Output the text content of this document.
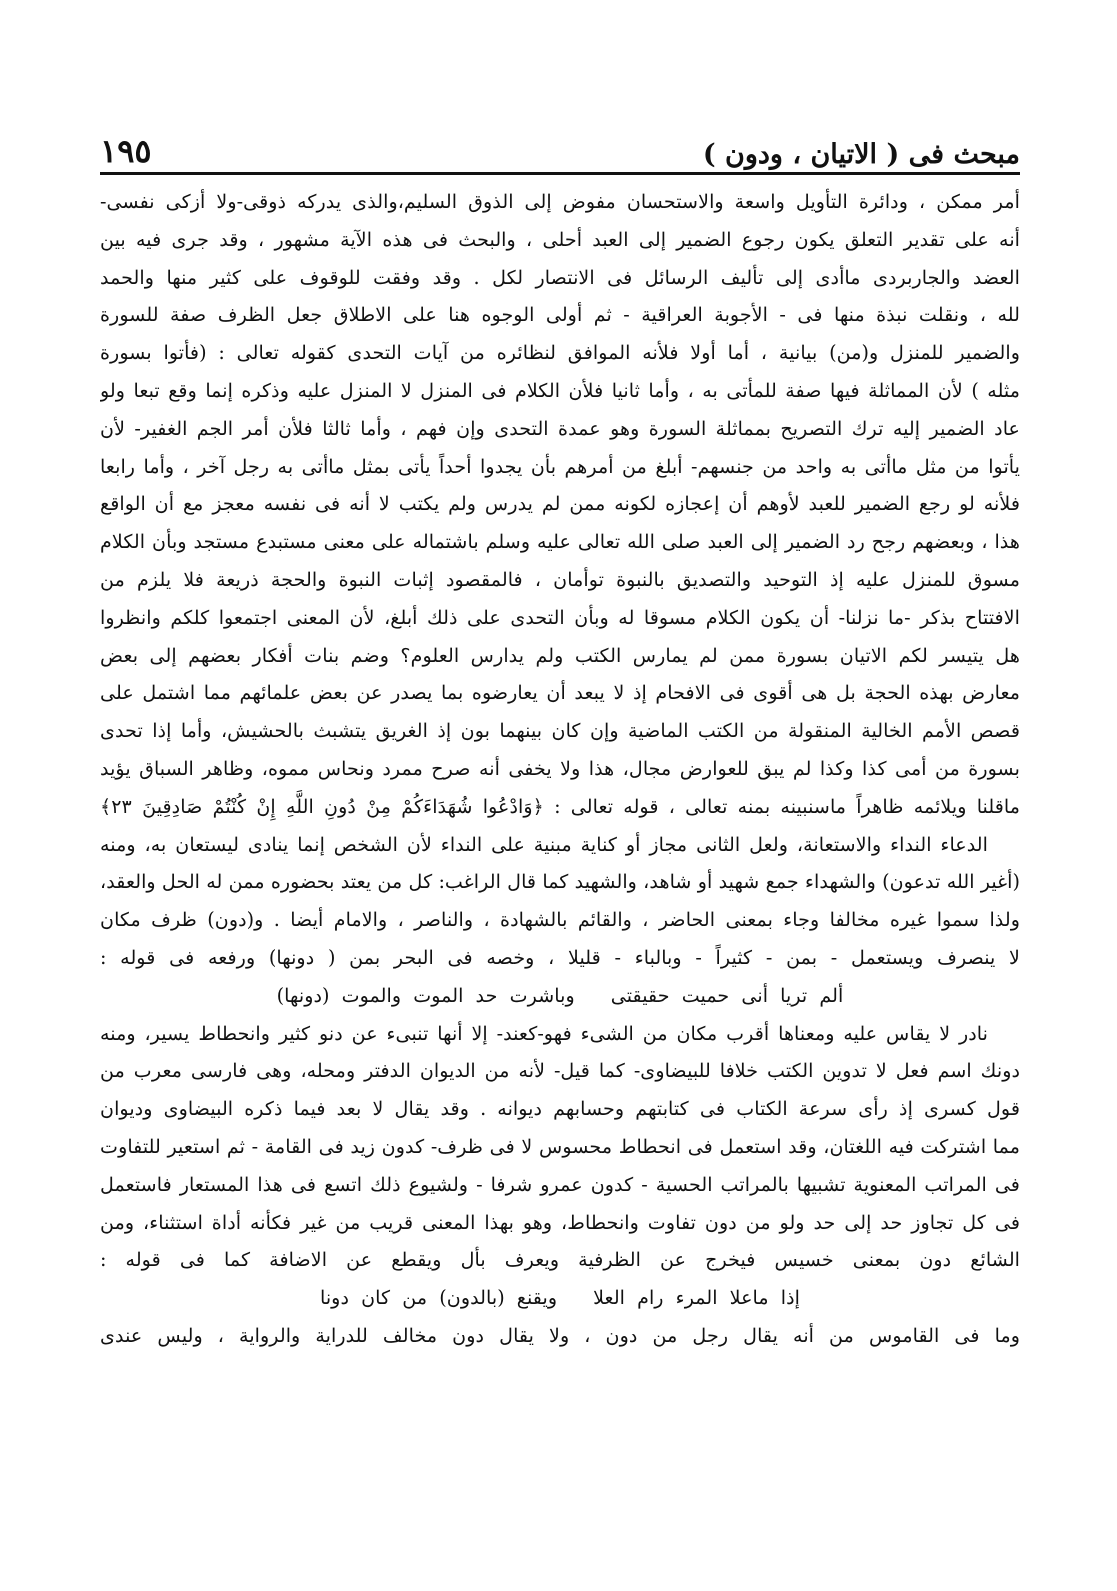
مبحث فى ( الاتيان ، ودون )
١٩٥
أمر ممكن ، ودائرة التأويل واسعة والاستحسان مفوض إلى الذوق السليم،والذى يدركه ذوقى-ولا أزكى نفسى-
أنه على تقدير التعلق يكون رجوع الضمير إلى العبد أحلى ، والبحث فى هذه الآية مشهور ، وقد جرى فيه بين
العضد والجاربردى ماأدى إلى تأليف الرسائل فى الانتصار لكل . وقد وفقت للوقوف على كثير منها والحمد
لله ، ونقلت نبذة منها فى - الأجوبة العراقية - ثم أولى الوجوه هنا على الاطلاق جعل الظرف صفة للسورة
والضمير للمنزل و(من) بيانية ، أما أولا فلأنه الموافق لنظائره من آيات التحدى كقوله تعالى : (فأتوا بسورة
مثله ) لأن المماثلة فيها صفة للمأتى به ، وأما ثانيا فلأن الكلام فى المنزل لا المنزل عليه وذكره إنما وقع تبعا ولو
عاد الضمير إليه ترك التصريح بمماثلة السورة وهو عمدة التحدى وإن فهم ، وأما ثالثا فلأن أمر الجم الغفير- لأن
يأتوا من مثل ماأتى به واحد من جنسهم- أبلغ من أمرهم بأن يجدوا أحداً يأتى بمثل ماأتى به رجل آخر ، وأما رابعا
فلأنه لو رجع الضمير للعبد لأوهم أن إعجازه لكونه ممن لم يدرس ولم يكتب لا أنه فى نفسه معجز مع أن الواقع
هذا ، وبعضهم رجح رد الضمير إلى العبد صلى الله تعالى عليه وسلم باشتماله على معنى مستبدع مستجد وبأن الكلام
مسوق للمنزل عليه إذ التوحيد والتصديق بالنبوة توأمان ، فالمقصود إثبات النبوة والحجة ذريعة فلا يلزم من
الافتتاح بذكر -ما نزلنا- أن يكون الكلام مسوقا له وبأن التحدى على ذلك أبلغ، لأن المعنى اجتمعوا كلكم وانظروا
هل يتيسر لكم الاتيان بسورة ممن لم يمارس الكتب ولم يدارس العلوم؟ وضم بنات أفكار بعضهم إلى بعض
معارض بهذه الحجة بل هى أقوى فى الافحام إذ لا يبعد أن يعارضوه بما يصدر عن بعض علمائهم مما اشتمل على
قصص الأمم الخالية المنقولة من الكتب الماضية وإن كان بينهما بون إذ الغريق يتشبث بالحشيش، وأما إذا تحدى
بسورة من أمى كذا وكذا لم يبق للعوارض مجال، هذا ولا يخفى أنه صرح ممرد ونحاس مموه، وظاهر السباق يؤيد
ماقلنا ويلائمه ظاهراً ماسنبينه بمنه تعالى ، قوله تعالى : ﴿وَادْعُوا شُهَدَاءَكُمْ مِنْ دُونِ اللَّهِ إِنْ كُنْتُمْ صَادِقِينَ ٢٣﴾
الدعاء النداء والاستعانة، ولعل الثانى مجاز أو كناية مبنية على النداء لأن الشخص إنما ينادى ليستعان به، ومنه
(أغير الله تدعون) والشهداء جمع شهيد أو شاهد، والشهيد كما قال الراغب: كل من يعتد بحضوره ممن له الحل والعقد،
ولذا سموا غيره مخالفا وجاء بمعنى الحاضر ، والقائم بالشهادة ، والناصر ، والامام أيضا . و(دون) ظرف مكان
لا ينصرف ويستعمل - بمن - كثيراً - وبالباء - قليلا ، وخصه فى البحر بمن ( دونها) ورفعه فى قوله :
ألم تريا أنى حميت حقيقتىوباشرت حد الموت والموت (دونها)
نادر لا يقاس عليه ومعناها أقرب مكان من الشىء فهو-كعند- إلا أنها تنبىء عن دنو كثير وانحطاط يسير، ومنه
دونك اسم فعل لا تدوين الكتب خلافا للبيضاوى- كما قيل- لأنه من الديوان الدفتر ومحله، وهى فارسى معرب من
قول كسرى إذ رأى سرعة الكتاب فى كتابتهم وحسابهم ديوانه . وقد يقال لا بعد فيما ذكره البيضاوى وديوان
مما اشتركت فيه اللغتان، وقد استعمل فى انحطاط محسوس لا فى ظرف- كدون زيد فى القامة - ثم استعير للتفاوت
فى المراتب المعنوية تشبيها بالمراتب الحسية - كدون عمرو شرفا - ولشيوع ذلك اتسع فى هذا المستعار فاستعمل
فى كل تجاوز حد إلى حد ولو من دون تفاوت وانحطاط، وهو بهذا المعنى قريب من غير فكأنه أداة استثناء، ومن
الشائع دون بمعنى خسيس فيخرج عن الظرفية ويعرف بأل ويقطع عن الاضافة كما فى قوله :
إذا ماعلا المرء رام العلاويقنع (بالدون) من كان دونا
وما فى القاموس من أنه يقال رجل من دون ، ولا يقال دون مخالف للدراية والرواية ، وليس عندى
